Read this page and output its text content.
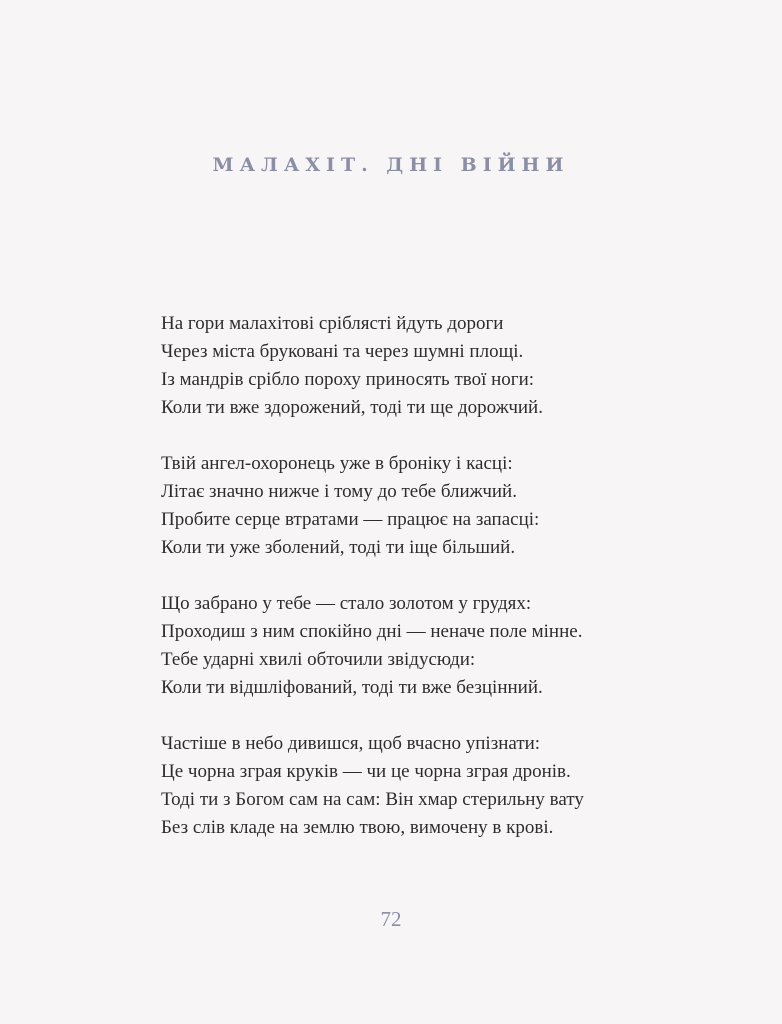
МАЛАХІТ. ДНІ ВІЙНИ
На гори малахітові сріблясті йдуть дороги
Через міста бруковані та через шумні площі.
Із мандрів срібло пороху приносять твої ноги:
Коли ти вже здорожений, тоді ти ще дорожчий.
Твій ангел-охоронець уже в броніку і касці:
Літає значно нижче і тому до тебе ближчий.
Пробите серце втратами — працює на запасці:
Коли ти уже зболений, тоді ти іще більший.
Що забрано у тебе — стало золотом у грудях:
Проходиш з ним спокійно дні — неначе поле мінне.
Тебе ударні хвилі обточили звідусюди:
Коли ти відшліфований, тоді ти вже безцінний.
Частіше в небо дивишся, щоб вчасно упізнати:
Це чорна зграя круків — чи це чорна зграя дронів.
Тоді ти з Богом сам на сам: Він хмар стерильну вату
Без слів кладе на землю твою, вимочену в крові.
72
